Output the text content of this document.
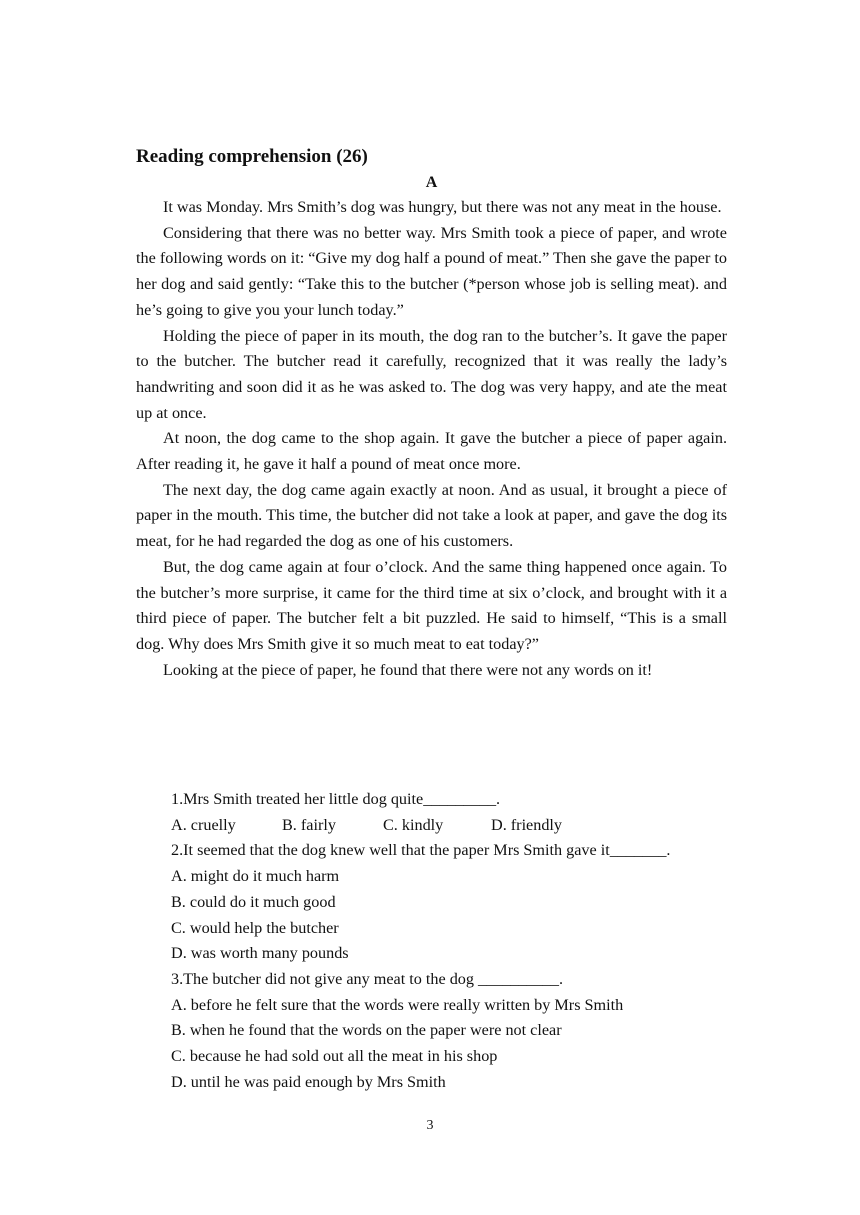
Reading comprehension (26)
A

It was Monday. Mrs Smith’s dog was hungry, but there was not any meat in the house.

Considering that there was no better way. Mrs Smith took a piece of paper, and wrote the following words on it: “Give my dog half a pound of meat.” Then she gave the paper to her dog and said gently: “Take this to the butcher (*person whose job is selling meat). and he’s going to give you your lunch today.”

Holding the piece of paper in its mouth, the dog ran to the butcher’s. It gave the paper to the butcher. The butcher read it carefully, recognized that it was really the lady’s handwriting and soon did it as he was asked to. The dog was very happy, and ate the meat up at once.

At noon, the dog came to the shop again. It gave the butcher a piece of paper again. After reading it, he gave it half a pound of meat once more.

The next day, the dog came again exactly at noon. And as usual, it brought a piece of paper in the mouth. This time, the butcher did not take a look at paper, and gave the dog its meat, for he had regarded the dog as one of his customers.

But, the dog came again at four o’clock. And the same thing happened once again. To the butcher’s more surprise, it came for the third time at six o’clock, and brought with it a third piece of paper. The butcher felt a bit puzzled. He said to himself, “This is a small dog. Why does Mrs Smith give it so much meat to eat today?”

Looking at the piece of paper, he found that there were not any words on it!

1.Mrs Smith treated her little dog quite_________.
A. cruelly	B. fairly	C. kindly	D. friendly
2.It seemed that the dog knew well that the paper Mrs Smith gave it_______.
A. might do it much harm
B. could do it much good
C. would help the butcher
D. was worth many pounds
3.The butcher did not give any meat to the dog __________.
A. before he felt sure that the words were really written by Mrs Smith
B. when he found that the words on the paper were not clear
C. because he had sold out all the meat in his shop
D. until he was paid enough by Mrs Smith
3
